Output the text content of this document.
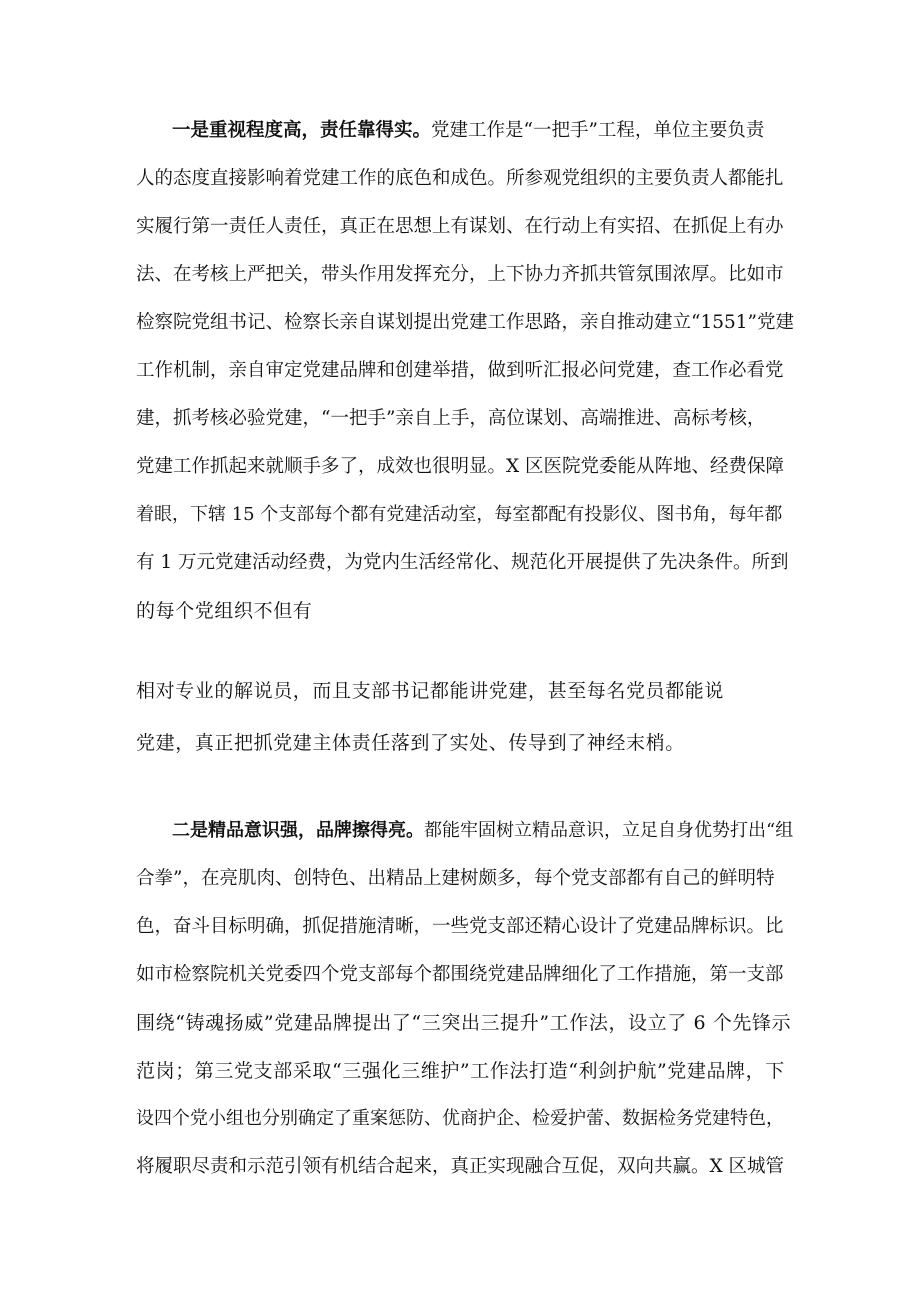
一是重视程度高，责任靠得实。党建工作是“一把手”工程，单位主要负责
人的态度直接影响着党建工作的底色和成色。所参观党组织的主要负责人都能扎
实履行第一责任人责任，真正在思想上有谋划、在行动上有实招、在抓促上有办
法、在考核上严把关，带头作用发挥充分，上下协力齐抓共管氛围浓厚。比如市
检察院党组书记、检察长亲自谋划提出党建工作思路，亲自推动建立“1551”党建
工作机制，亲自审定党建品牌和创建举措，做到听汇报必问党建，查工作必看党
建，抓考核必验党建，“一把手”亲自上手，高位谋划、高端推进、高标考核，
党建工作抓起来就顺手多了，成效也很明显。X 区医院党委能从阵地、经费保障
着眼，下辖 15 个支部每个都有党建活动室，每室都配有投影仪、图书角，每年都
有 1 万元党建活动经费，为党内生活经常化、规范化开展提供了先决条件。所到
的每个党组织不但有
相对专业的解说员，而且支部书记都能讲党建，甚至每名党员都能说
党建，真正把抓党建主体责任落到了实处、传导到了神经末梢。
二是精品意识强，品牌擦得亮。都能牢固树立精品意识，立足自身优势打出“组
合拳”，在亮肌肉、创特色、出精品上建树颇多，每个党支部都有自己的鲜明特
色，奋斗目标明确，抓促措施清晰，一些党支部还精心设计了党建品牌标识。比
如市检察院机关党委四个党支部每个都围绕党建品牌细化了工作措施，第一支部
围绕“铸魂扬威”党建品牌提出了“三突出三提升”工作法，设立了 6 个先锋示
范岗；第三党支部采取“三强化三维护”工作法打造“利剑护航”党建品牌，下
设四个党小组也分别确定了重案惩防、优商护企、检爱护蕾、数据检务党建特色，
将履职尽责和示范引领有机结合起来，真正实现融合互促，双向共赢。X 区城管
